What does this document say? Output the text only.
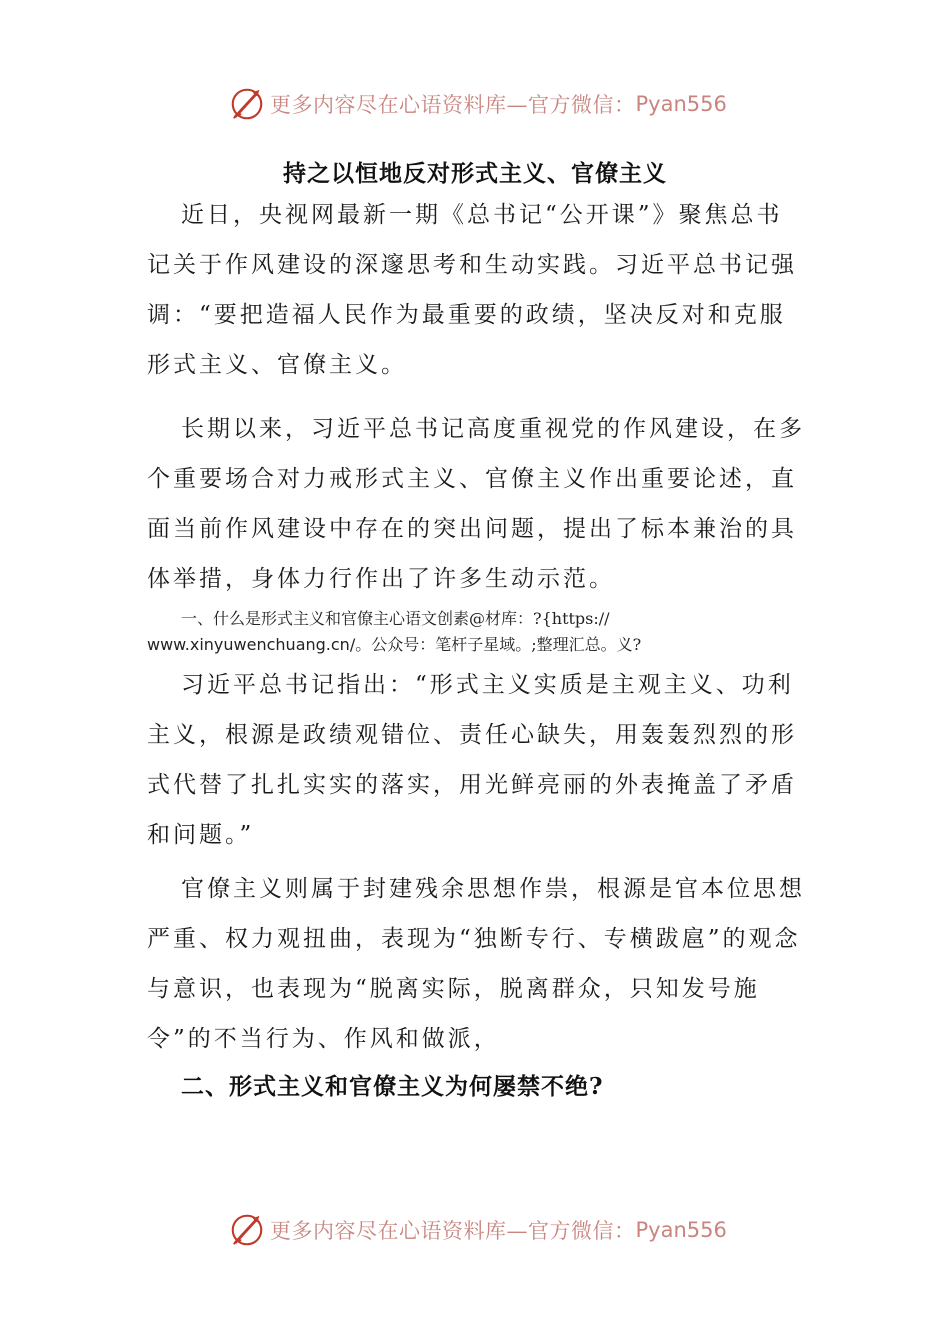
更多内容尽在心语资料库—官方微信： Pyan556
持之以恒地反对形式主义、官僚主义

近日，央视网最新一期《总书记“公开课”》聚焦总书记关于作风建设的深邃思考和生动实践。习近平总书记强调：“要把造福人民作为最重要的政绩，坚决反对和克服形式主义、官僚主义。

长期以来，习近平总书记高度重视党的作风建设，在多个重要场合对力戒形式主义、官僚主义作出重要论述，直面当前作风建设中存在的突出问题，提出了标本兼治的具体举措，身体力行作出了许多生动示范。

一、什么是形式主义和官僚主心语文创素@材库：?{https://
www.xinyuwenchuang.cn/。公众号：笔杆子星域。;整理汇总。义?

习近平总书记指出：“形式主义实质是主观主义、功利主义，根源是政绩观错位、责任心缺失，用轰轰烈烈的形式代替了扎扎实实的落实，用光鲜亮丽的外表掩盖了矛盾和问题。”

官僚主义则属于封建残余思想作祟，根源是官本位思想严重、权力观扭曲，表现为“独断专行、专横跋扈”的观念与意识，也表现为“脱离实际，脱离群众，只知发号施令”的不当行为、作风和做派，

二、形式主义和官僚主义为何屡禁不绝?
更多内容尽在心语资料库—官方微信： Pyan556
